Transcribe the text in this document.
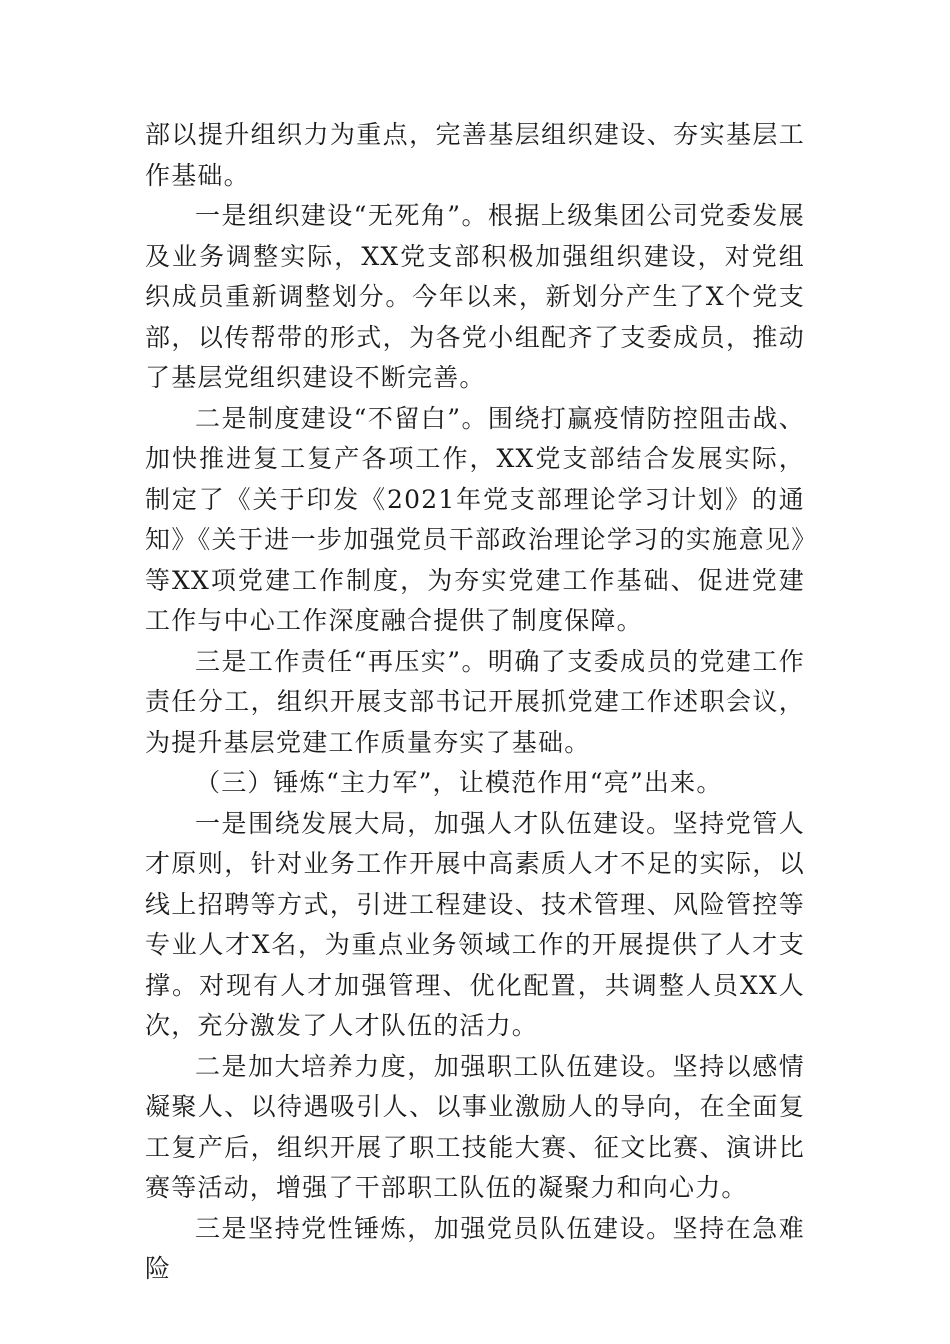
部以提升组织力为重点，完善基层组织建设、夯实基层工作基础。

一是组织建设“无死角”。根据上级集团公司党委发展及业务调整实际，XX党支部积极加强组织建设，对党组织成员重新调整划分。今年以来，新划分产生了X个党支部，以传帮带的形式，为各党小组配齐了支委成员，推动了基层党组织建设不断完善。

二是制度建设“不留白”。围绕打赢疫情防控阻击战、加快推进复工复产各项工作，XX党支部结合发展实际，制定了《关于印发《2021年党支部理论学习计划》的通知》《关于进一步加强党员干部政治理论学习的实施意见》等XX项党建工作制度，为夯实党建工作基础、促进党建工作与中心工作深度融合提供了制度保障。

三是工作责任“再压实”。明确了支委成员的党建工作责任分工，组织开展支部书记开展抓党建工作述职会议，为提升基层党建工作质量夯实了基础。

（三）锤炼“主力军”，让模范作用“亮”出来。

一是围绕发展大局，加强人才队伍建设。坚持党管人才原则，针对业务工作开展中高素质人才不足的实际，以线上招聘等方式，引进工程建设、技术管理、风险管控等专业人才X名，为重点业务领域工作的开展提供了人才支撑。对现有人才加强管理、优化配置，共调整人员XX人次，充分激发了人才队伍的活力。

二是加大培养力度，加强职工队伍建设。坚持以感情凝聚人、以待遇吸引人、以事业激励人的导向，在全面复工复产后，组织开展了职工技能大赛、征文比赛、演讲比赛等活动，增强了干部职工队伍的凝聚力和向心力。

三是坚持党性锤炼，加强党员队伍建设。坚持在急难险
